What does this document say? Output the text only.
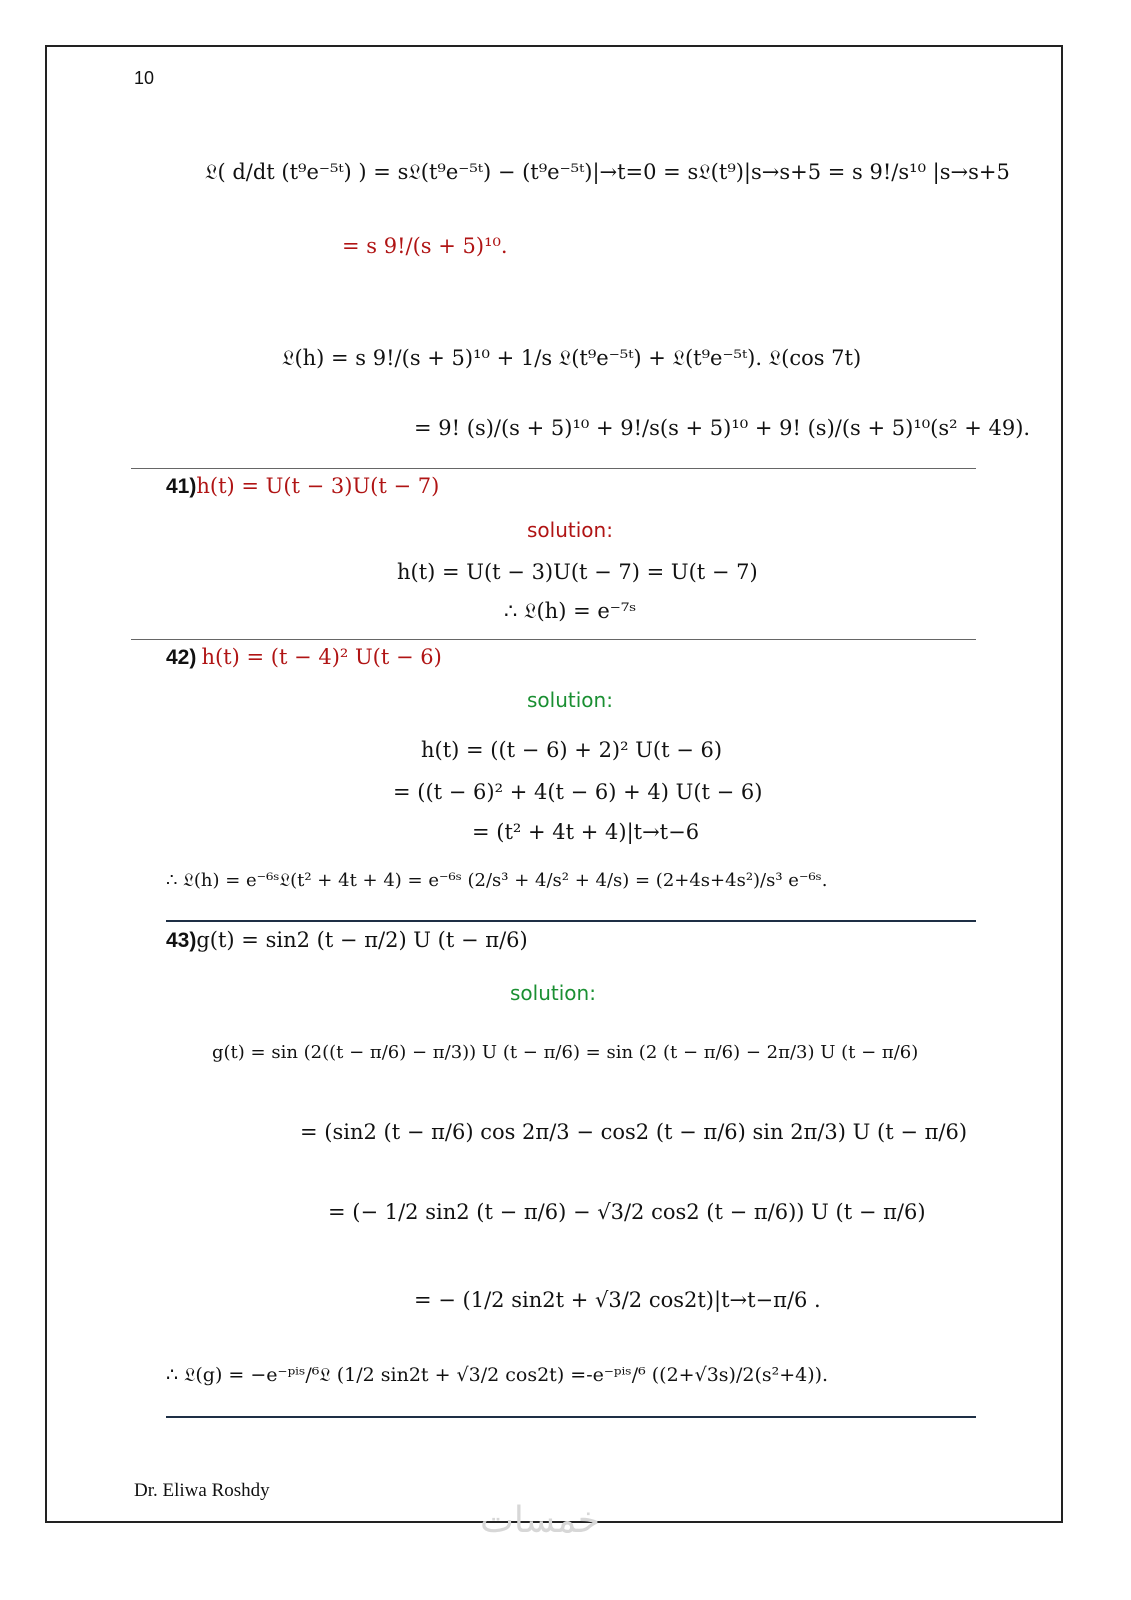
10
𝔏( d/dt (t⁹e⁻⁵ᵗ) ) = s𝔏(t⁹e⁻⁵ᵗ) − (t⁹e⁻⁵ᵗ)|→t=0 = s𝔏(t⁹)|s→s+5 = s 9!/s¹⁰ |s→s+5
= s 9!/(s + 5)¹⁰.
𝔏(h) = s 9!/(s + 5)¹⁰ + 1/s 𝔏(t⁹e⁻⁵ᵗ) + 𝔏(t⁹e⁻⁵ᵗ). 𝔏(cos 7t)
= 9! (s)/(s + 5)¹⁰ + 9!/s(s + 5)¹⁰ + 9! (s)/(s + 5)¹⁰(s² + 49).
41)h(t) = U(t − 3)U(t − 7)
solution:
h(t) = U(t − 3)U(t − 7) = U(t − 7)
∴ 𝔏(h) = e⁻⁷ˢ
42) h(t) = (t − 4)² U(t − 6)
solution:
h(t) = ((t − 6) + 2)² U(t − 6)
= ((t − 6)² + 4(t − 6) + 4) U(t − 6)
= (t² + 4t + 4)|t→t−6
∴ 𝔏(h) = e⁻⁶ˢ𝔏(t² + 4t + 4) = e⁻⁶ˢ (2/s³ + 4/s² + 4/s) = (2+4s+4s²)/s³ e⁻⁶ˢ.
43)g(t) = sin2 (t − π/2) U (t − π/6)
solution:
g(t) = sin (2((t − π/6) − π/3)) U (t − π/6) = sin (2 (t − π/6) − 2π/3) U (t − π/6)
= (sin2 (t − π/6) cos 2π/3 − cos2 (t − π/6) sin 2π/3) U (t − π/6)
= (− 1/2 sin2 (t − π/6) − √3/2 cos2 (t − π/6)) U (t − π/6)
= − (1/2 sin2t + √3/2 cos2t)|t→t−π/6 .
∴ 𝔏(g) = −e⁻ᵖⁱˢ/⁶𝔏 (1/2 sin2t + √3/2 cos2t) =-e⁻ᵖⁱˢ/⁶ ((2+√3s)/2(s²+4)).
Dr. Eliwa Roshdy
خمسات
